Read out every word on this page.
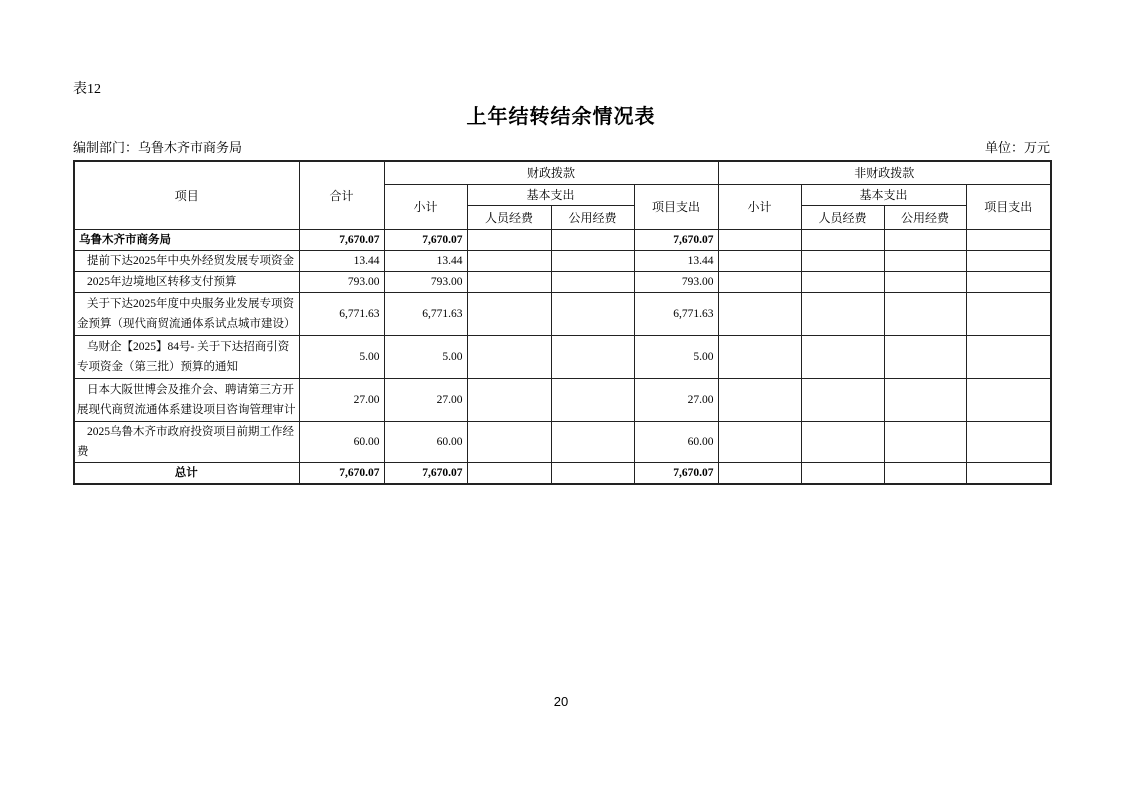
表12
上年结转结余情况表
编制部门：乌鲁木齐市商务局	单位：万元
项目	合计	财政拨款				非财政拨款			
		小计	基本支出		项目支出	小计	基本支出		项目支出
			人员经费	公用经费			人员经费	公用经费	
乌鲁木齐市商务局	7,670.07	7,670.07			7,670.07				
提前下达2025年中央外经贸发展专项资金	13.44	13.44			13.44				
2025年边境地区转移支付预算	793.00	793.00			793.00				
关于下达2025年度中央服务业发展专项资金预算（现代商贸流通体系试点城市建设）	6,771.63	6,771.63			6,771.63				
乌财企【2025】84号- 关于下达招商引资专项资金（第三批）预算的通知	5.00	5.00			5.00				
日本大阪世博会及推介会、聘请第三方开展现代商贸流通体系建设项目咨询管理审计	27.00	27.00			27.00				
2025乌鲁木齐市政府投资项目前期工作经费	60.00	60.00			60.00				
总计	7,670.07	7,670.07			7,670.07				
20
